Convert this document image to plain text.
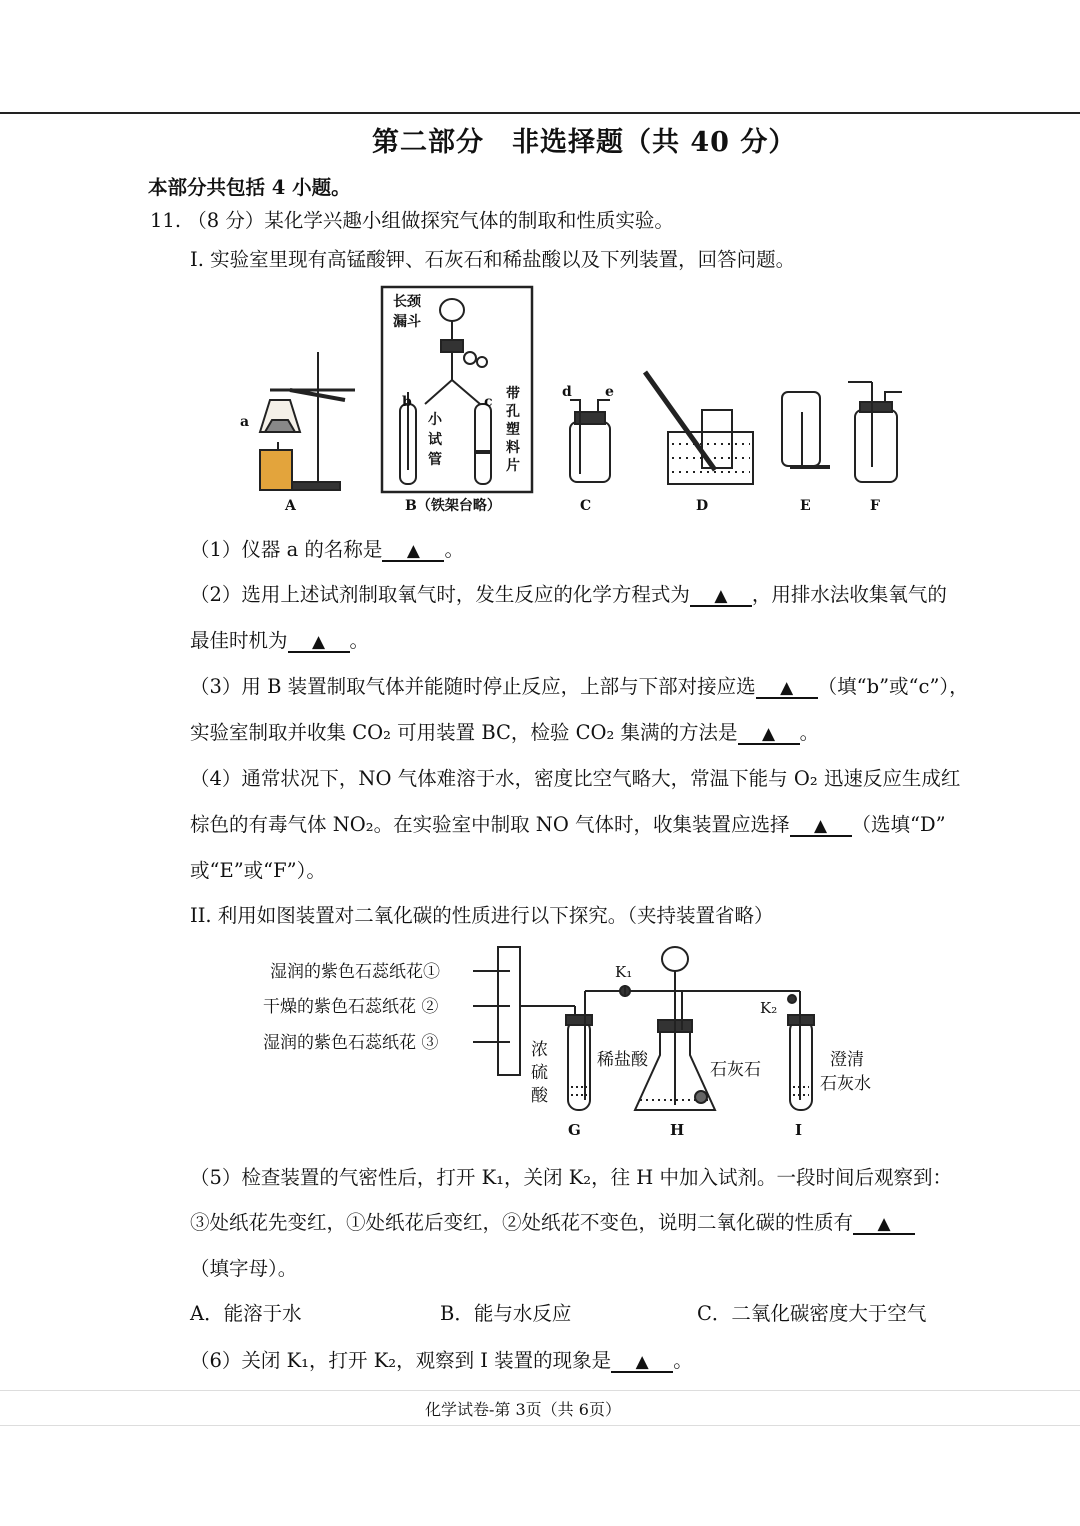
第二部分　非选择题（共 40 分）
本部分共包括 4 小题。
11. （8 分）某化学兴趣小组做探究气体的制取和性质实验。
I. 实验室里现有高锰酸钾、石灰石和稀盐酸以及下列装置，回答问题。
a
长颈
漏斗
b	c
小
试
管
带
孔
塑
料
片
d e
A	B（铁架台略）	C	D	E	F
（1）仪器 a 的名称是 ▲ 。
（2）选用上述试剂制取氧气时，发生反应的化学方程式为 ▲ ，用排水法收集氧气的
最佳时机为 ▲ 。
（3）用 B 装置制取气体并能随时停止反应，上部与下部对接应选 ▲ （填“b”或“c”），
实验室制取并收集 CO₂ 可用装置 BC，检验 CO₂ 集满的方法是 ▲ 。
（4）通常状况下，NO 气体难溶于水，密度比空气略大，常温下能与 O₂ 迅速反应生成红
棕色的有毒气体 NO₂。在实验室中制取 NO 气体时，收集装置应选择 ▲ （选填“D”
或“E”或“F”）。
II. 利用如图装置对二氧化碳的性质进行以下探究。（夹持装置省略）
湿润的紫色石蕊纸花①
干燥的紫色石蕊纸花 ②
湿润的紫色石蕊纸花 ③	浓
硫
酸
稀盐酸	石灰石	澄清
石灰水
K₁
K₂
G	H	I
（5）检查装置的气密性后，打开 K₁，关闭 K₂，往 H 中加入试剂。一段时间后观察到：
③处纸花先变红，①处纸花后变红，②处纸花不变色，说明二氧化碳的性质有 ▲
（填字母）。
A．能溶于水	B．能与水反应	C．二氧化碳密度大于空气
（6）关闭 K₁，打开 K₂，观察到 I 装置的现象是 ▲ 。
化学试卷-第 3页（共 6页）
